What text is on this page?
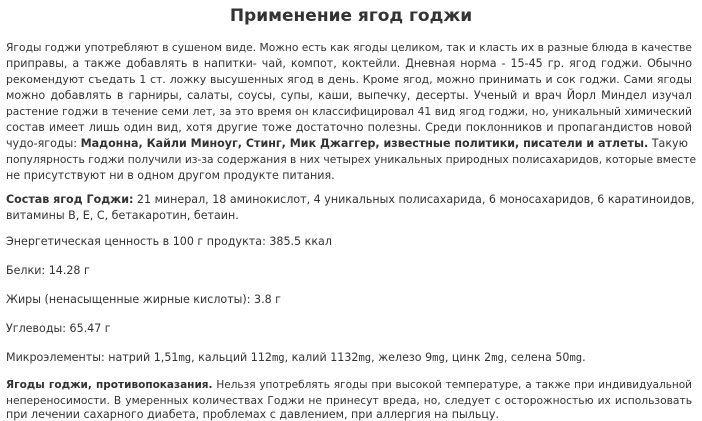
Применение ягод годжи
Ягоды годжи употребляют в сушеном виде. Можно есть как ягоды целиком, так и класть их в разные блюда в качестве
приправы, а также добавлять в напитки- чай, компот, коктейли. Дневная норма - 15-45 гр. ягод годжи. Обычно
рекомендуют съедать 1 ст. ложку высушенных ягод в день. Кроме ягод, можно принимать и сок годжи. Сами ягоды
можно добавлять в гарниры, салаты, соусы, супы, каши, выпечку, десерты. Ученый и врач Йорл Миндел изучал
растение годжи в течение семи лет, за это время он классифицировал 41 вид ягод годжи, но, уникальный химический
состав имеет лишь один вид, хотя другие тоже достаточно полезны. Среди поклонников и пропагандистов новой
чудо-ягоды: Мадонна, Кайли Миноуг, Стинг, Мик Джаггер, известные политики, писатели и атлеты. Такую
популярность годжи получили из-за содержания в них четырех уникальных природных полисахаридов, которые вместе
не присутствуют ни в одном другом продукте питания.
Состав ягод Годжи: 21 минерал, 18 аминокислот, 4 уникальных полисахарида, 6 моносахаридов, 6 каратиноидов,
витамины В, Е, С, бетакаротин, бетаин.
Энергетическая ценность в 100 г продукта: 385.5 ккал
Белки: 14.28 г
Жиры (ненасыщенные жирные кислоты): 3.8 г
Углеводы: 65.47 г
Микроэлементы: натрий 1,51mg, кальций 112mg, калий 1132mg, железо 9mg, цинк 2mg, селена 50mg.
Ягоды годжи, противопоказания. Нельзя употреблять ягоды при высокой температуре, а также при индивидуальной
непереносимости. В умеренных количествах Годжи не принесут вреда, но, следует с осторожностью их использовать
при лечении сахарного диабета, проблемах с давлением, при аллергия на пыльцу.
